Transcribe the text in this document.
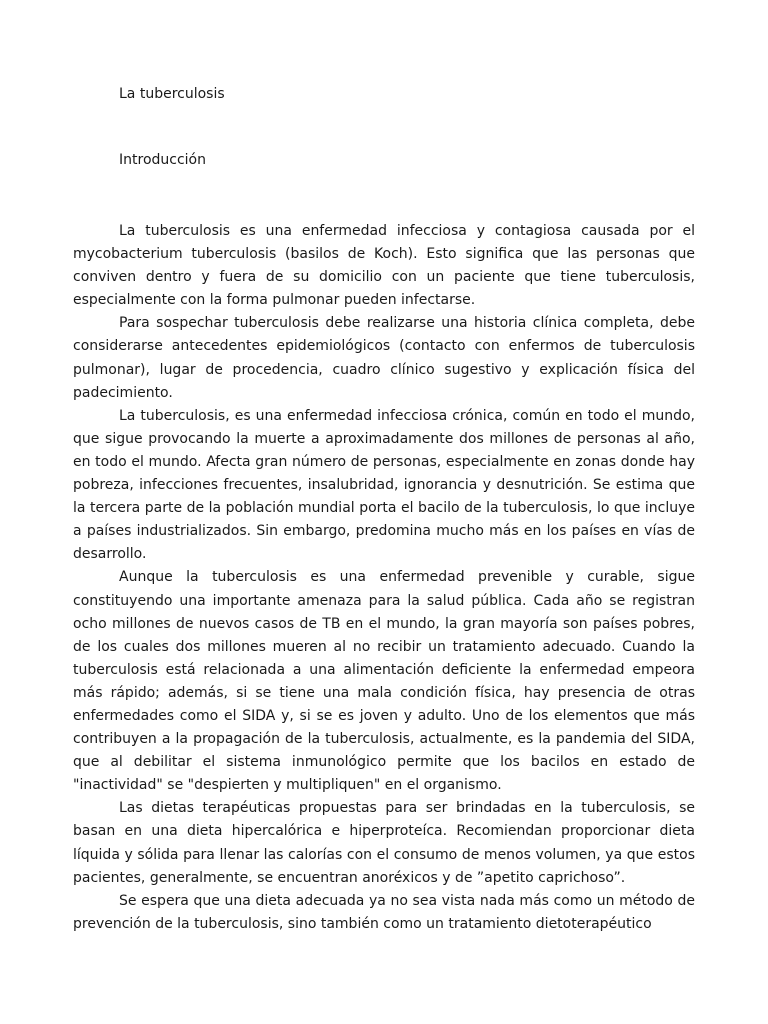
La tuberculosis
Introducción

La tuberculosis es una enfermedad infecciosa y contagiosa causada por el mycobacterium tuberculosis (basilos de Koch). Esto significa que las personas que conviven dentro y fuera de su domicilio con un paciente que tiene tuberculosis, especialmente con la forma pulmonar pueden infectarse.

Para sospechar tuberculosis debe realizarse una historia clínica completa, debe considerarse antecedentes epidemiológicos (contacto con enfermos de tuberculosis pulmonar), lugar de procedencia, cuadro clínico sugestivo y explicación física del padecimiento.

La tuberculosis, es una enfermedad infecciosa crónica, común en todo el mundo, que sigue provocando la muerte a aproximadamente dos millones de personas al año, en todo el mundo. Afecta gran número de personas, especialmente en zonas donde hay pobreza, infecciones frecuentes, insalubridad, ignorancia y desnutrición. Se estima que la tercera parte de la población mundial porta el bacilo de la tuberculosis, lo que incluye a países industrializados. Sin embargo, predomina mucho más en los países en vías de desarrollo.

Aunque la tuberculosis es una enfermedad prevenible y curable, sigue constituyendo una importante amenaza para la salud pública. Cada año se registran ocho millones de nuevos casos de TB en el mundo, la gran mayoría son países pobres, de los cuales dos millones mueren al no recibir un tratamiento adecuado. Cuando la tuberculosis está relacionada a una alimentación deficiente la enfermedad empeora más rápido; además, si se tiene una mala condición física, hay presencia de otras enfermedades como el SIDA y, si se es joven y adulto. Uno de los elementos que más contribuyen a la propagación de la tuberculosis, actualmente, es la pandemia del SIDA, que al debilitar el sistema inmunológico permite que los bacilos en estado de "inactividad" se "despierten y multipliquen" en el organismo.

Las dietas terapéuticas propuestas para ser brindadas en la tuberculosis, se basan en una dieta hipercalórica e hiperproteíca. Recomiendan proporcionar dieta líquida y sólida para llenar las calorías con el consumo de menos volumen, ya que estos pacientes, generalmente, se encuentran anoréxicos y de ”apetito caprichoso”.

Se espera que una dieta adecuada ya no sea vista nada más como un método de prevención de la tuberculosis, sino también como un tratamiento dietoterapéutico
